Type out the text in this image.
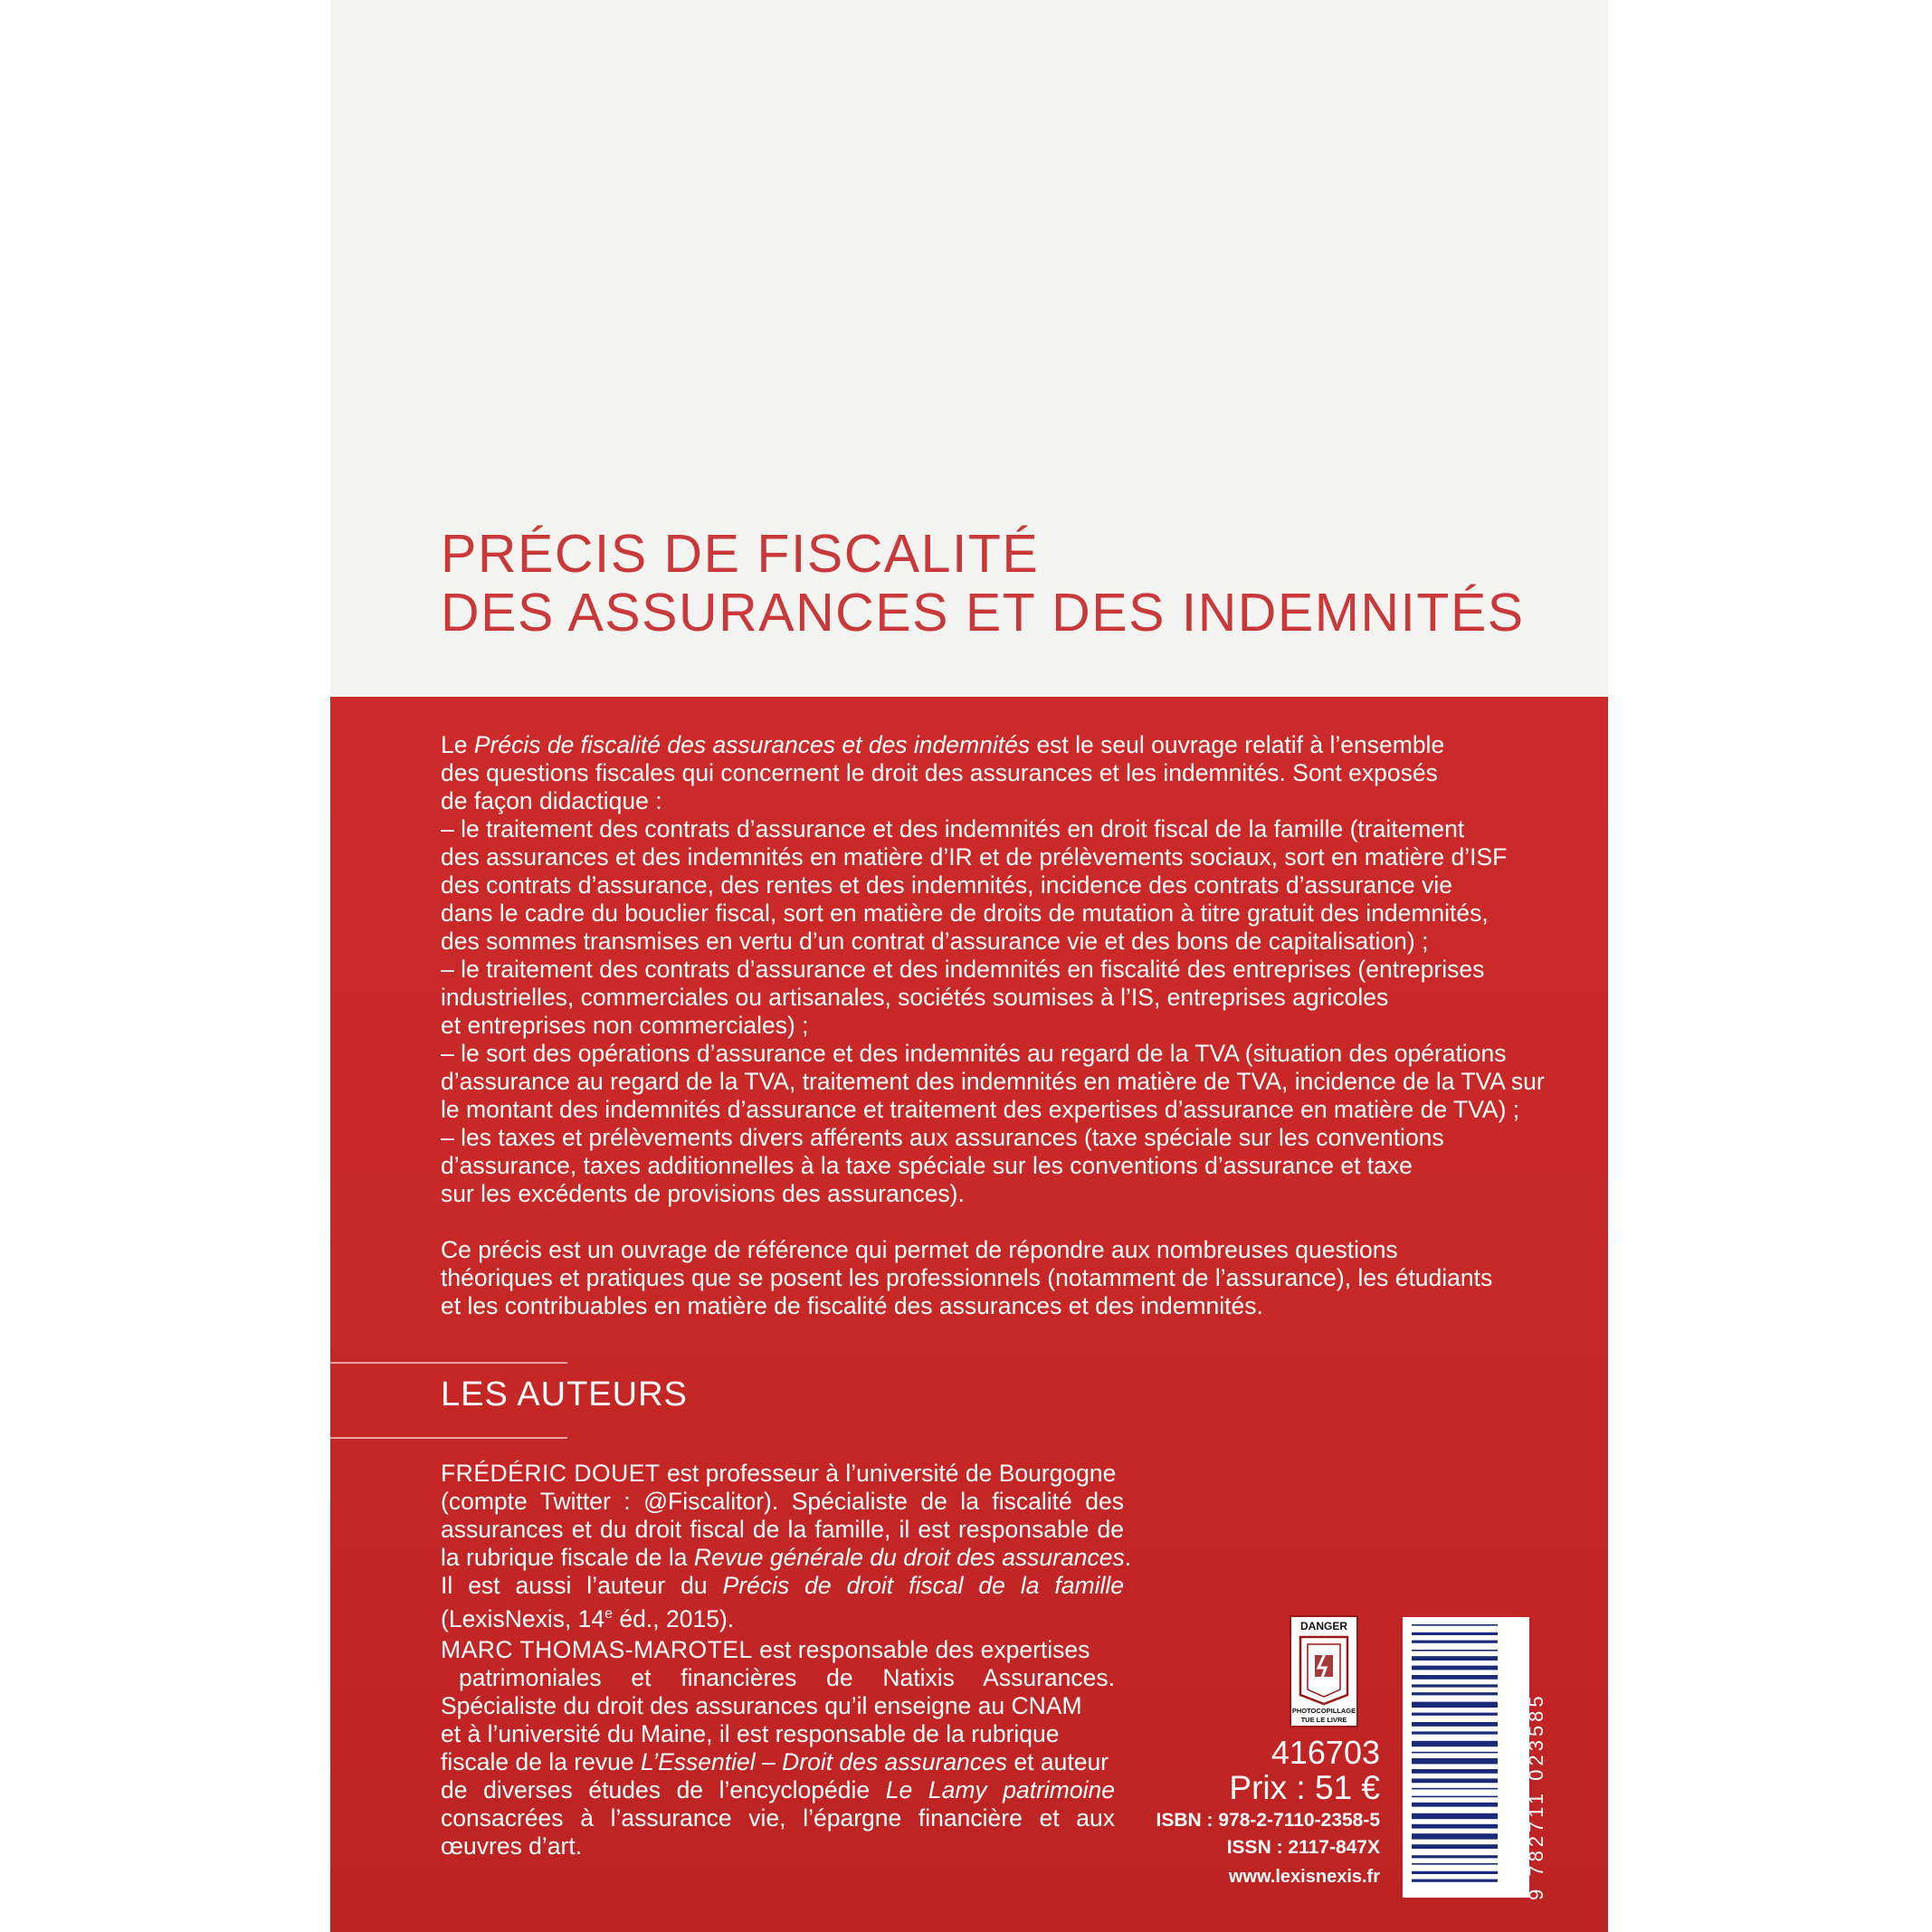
PRÉCIS DE FISCALITÉ
DES ASSURANCES ET DES INDEMNITÉS
Le Précis de fiscalité des assurances et des indemnités est le seul ouvrage relatif à l’ensemble
des questions fiscales qui concernent le droit des assurances et les indemnités. Sont exposés
de façon didactique :
– le traitement des contrats d’assurance et des indemnités en droit fiscal de la famille (traitement
des assurances et des indemnités en matière d’IR et de prélèvements sociaux, sort en matière d’ISF
des contrats d’assurance, des rentes et des indemnités, incidence des contrats d’assurance vie
dans le cadre du bouclier fiscal, sort en matière de droits de mutation à titre gratuit des indemnités,
des sommes transmises en vertu d’un contrat d’assurance vie et des bons de capitalisation) ;
– le traitement des contrats d’assurance et des indemnités en fiscalité des entreprises (entreprises
industrielles, commerciales ou artisanales, sociétés soumises à l’IS, entreprises agricoles
et entreprises non commerciales) ;
– le sort des opérations d’assurance et des indemnités au regard de la TVA (situation des opérations
d’assurance au regard de la TVA, traitement des indemnités en matière de TVA, incidence de la TVA sur
le montant des indemnités d’assurance et traitement des expertises d’assurance en matière de TVA) ;
– les taxes et prélèvements divers afférents aux assurances (taxe spéciale sur les conventions
d’assurance, taxes additionnelles à la taxe spéciale sur les conventions d’assurance et taxe
sur les excédents de provisions des assurances).
Ce précis est un ouvrage de référence qui permet de répondre aux nombreuses questions
théoriques et pratiques que se posent les professionnels (notamment de l’assurance), les étudiants
et les contribuables en matière de fiscalité des assurances et des indemnités.
LES AUTEURS
FRÉDÉRIC DOUET est professeur à l’université de Bourgogne
(compte Twitter : @Fiscalitor). Spécialiste de la fiscalité des
assurances et du droit fiscal de la famille, il est responsable de
la rubrique fiscale de la Revue générale du droit des assurances.
Il est aussi l’auteur du Précis de droit fiscal de la famille
(LexisNexis, 14e éd., 2015).
MARC THOMAS-MAROTEL est responsable des expertises
patrimoniales et financières de Natixis Assurances.
Spécialiste du droit des assurances qu’il enseigne au CNAM
et à l’université du Maine, il est responsable de la rubrique
fiscale de la revue L’Essentiel – Droit des assurances et auteur
de diverses études de l’encyclopédie Le Lamy patrimoine
consacrées à l’assurance vie, l’épargne financière et aux
œuvres d’art.
DANGER
PHOTOCOPILLAGE
TUE LE LIVRE	9 782711 023585
416703
Prix : 51 €
ISBN : 978-2-7110-2358-5
ISSN : 2117-847X
www.lexisnexis.fr
